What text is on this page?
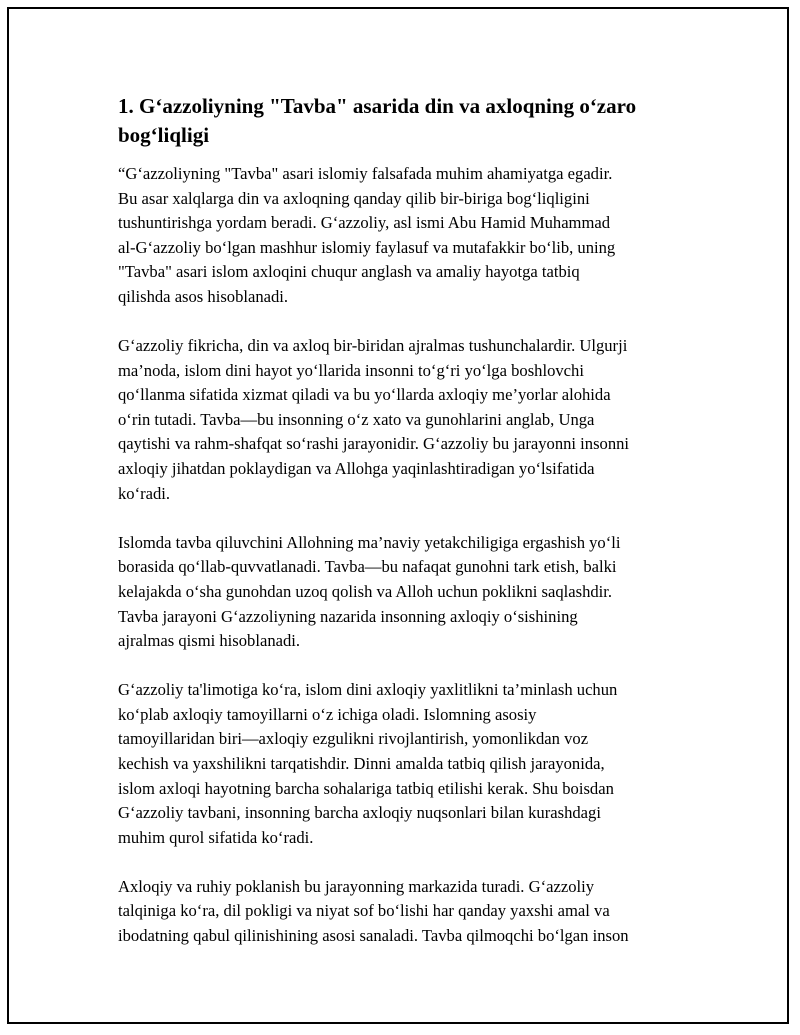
1. G‘azzoliyning "Tavba" asarida din va axloqning o‘zaro
bog‘liqligi

“G‘azzoliyning "Tavba" asari islomiy falsafada muhim ahamiyatga egadir.
Bu asar xalqlarga din va axloqning qanday qilib bir-biriga bog‘liqligini
tushuntirishga yordam beradi. G‘azzoliy, asl ismi Abu Hamid Muhammad
al-G‘azzoliy bo‘lgan mashhur islomiy faylasuf va mutafakkir bo‘lib, uning
"Tavba" asari islom axloqini chuqur anglash va amaliy hayotga tatbiq
qilishda asos hisoblanadi.

G‘azzoliy fikricha, din va axloq bir-biridan ajralmas tushunchalardir. Ulgurji
ma’noda, islom dini hayot yo‘llarida insonni to‘g‘ri yo‘lga boshlovchi
qo‘llanma sifatida xizmat qiladi va bu yo‘llarda axloqiy me’yorlar alohida
o‘rin tutadi. Tavba—bu insonning o‘z xato va gunohlarini anglab, Unga
qaytishi va rahm-shafqat so‘rashi jarayonidir. G‘azzoliy bu jarayonni insonni
axloqiy jihatdan poklaydigan va Allohga yaqinlashtiradigan yo‘lsifatida
ko‘radi.

Islomda tavba qiluvchini Allohning ma’naviy yetakchiligiga ergashish yo‘li
borasida qo‘llab-quvvatlanadi. Tavba—bu nafaqat gunohni tark etish, balki
kelajakda o‘sha gunohdan uzoq qolish va Alloh uchun poklikni saqlashdir.
Tavba jarayoni G‘azzoliyning nazarida insonning axloqiy o‘sishining
ajralmas qismi hisoblanadi.

G‘azzoliy ta'limotiga ko‘ra, islom dini axloqiy yaxlitlikni ta’minlash uchun
ko‘plab axloqiy tamoyillarni o‘z ichiga oladi. Islomning asosiy
tamoyillaridan biri—axloqiy ezgulikni rivojlantirish, yomonlikdan voz
kechish va yaxshilikni tarqatishdir. Dinni amalda tatbiq qilish jarayonida,
islom axloqi hayotning barcha sohalariga tatbiq etilishi kerak. Shu boisdan
G‘azzoliy tavbani, insonning barcha axloqiy nuqsonlari bilan kurashdagi
muhim qurol sifatida ko‘radi.

Axloqiy va ruhiy poklanish bu jarayonning markazida turadi. G‘azzoliy
talqiniga ko‘ra, dil pokligi va niyat sof bo‘lishi har qanday yaxshi amal va
ibodatning qabul qilinishining asosi sanaladi. Tavba qilmoqchi bo‘lgan inson
